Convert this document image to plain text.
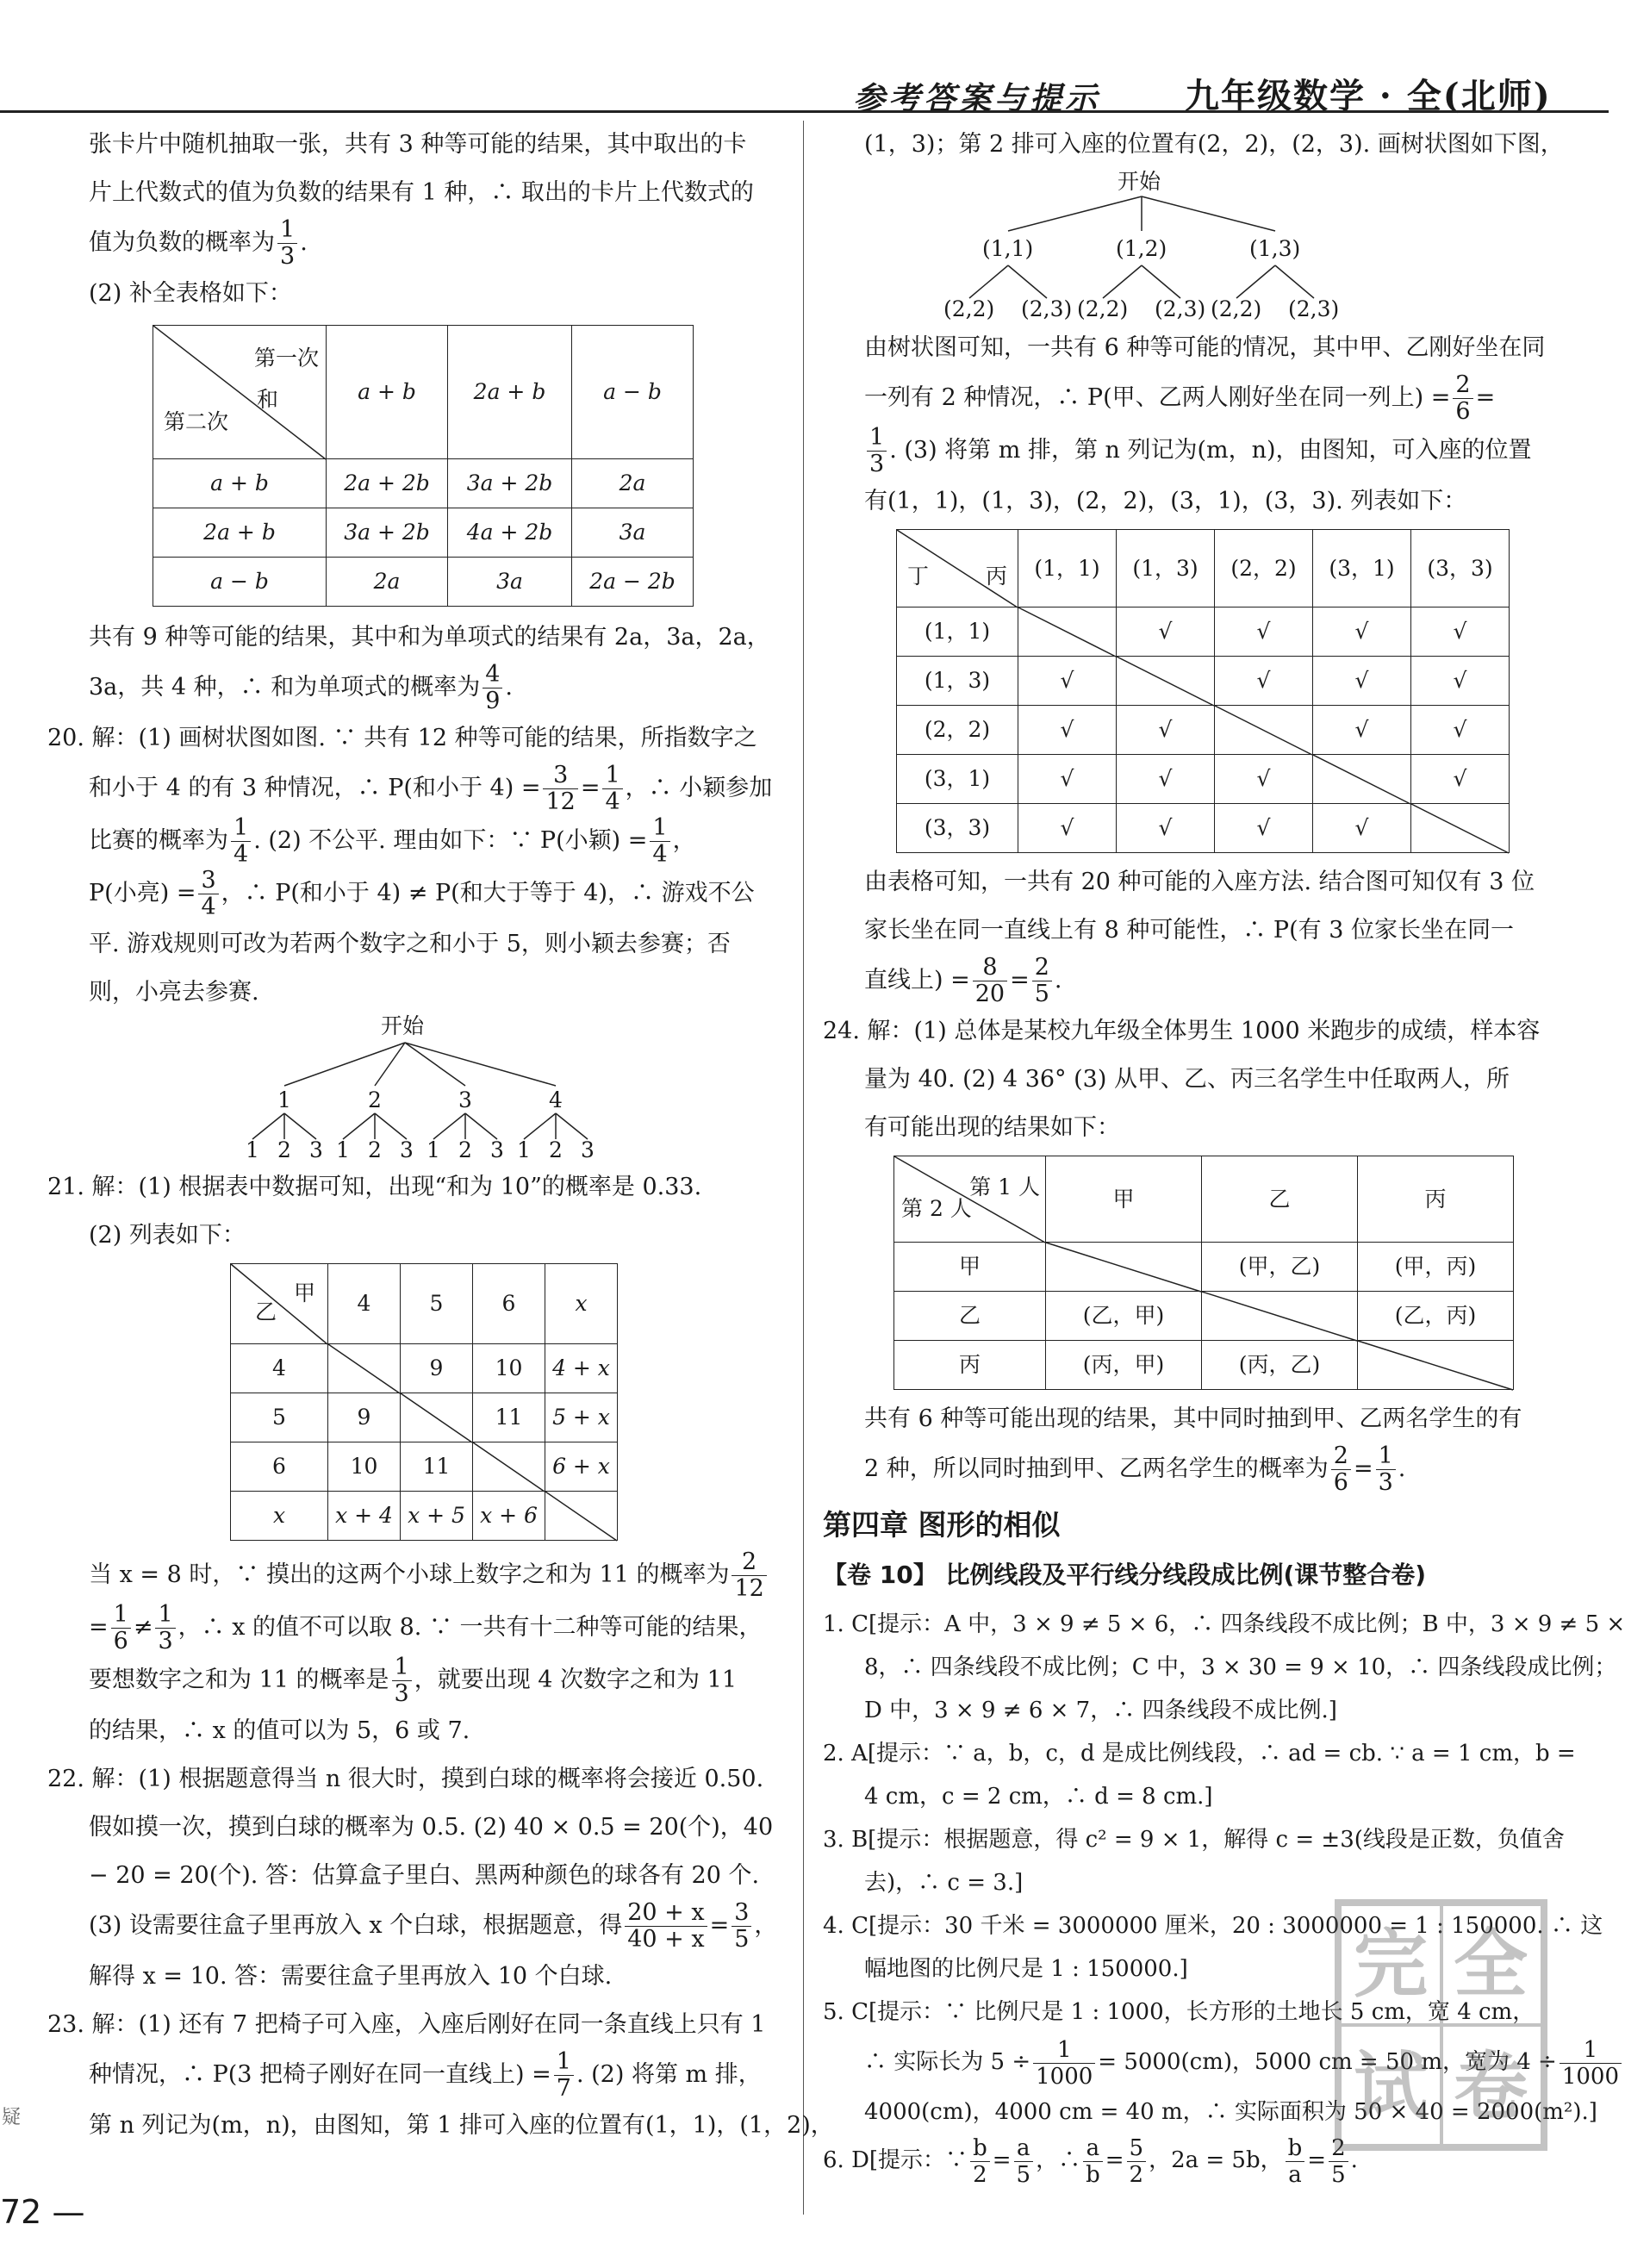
参考答案与提示 九年级数学 · 全(北师)
疑

张卡片中随机抽取一张，共有 3 种等可能的结果，其中取出的卡

片上代数式的值为负数的结果有 1 种，∴ 取出的卡片上代数式的

值为负数的概率为 $\frac{1}{3}$ .

(2) 补全表格如下：

第一次
和
第二次	a + b	2a + b	a − b
a + b	2a + 2b	3a + 2b	2a
2a + b	3a + 2b	4a + 2b	3a
a − b	2a	3a	2a − 2b

共有 9 种等可能的结果，其中和为单项式的结果有 2a，3a，2a，

3a，共 4 种，∴ 和为单项式的概率为 $\frac{4}{9}$ .

20. 解：(1) 画树状图如图. ∵ 共有 12 种等可能的结果，所指数字之

和小于 4 的有 3 种情况，∴ P(和小于 $4) = \frac{3}{12} = \frac{1}{4}$ ，∴ 小颖参加

比赛的概率为 $\frac{1}{4}$ . (2) 不公平. 理由如下：∵ P(小颖) = $\frac{1}{4}$ ，

P(小亮) = $\frac{3}{4}$ ，∴ P(和小于 4) ≠ P(和大于等于 4)，∴ 游戏不公

平. 游戏规则可改为若两个数字之和小于 5，则小颖去参赛；否

则，小亮去参赛.

开始
1	2	3	4
1 2 3 1 2 3 1 2 3 1 2 3

21. 解：(1) 根据表中数据可知，出现“和为 10”的概率是 0.33.

(2) 列表如下：

甲
乙	4	5	6	x
4		9	10	4 + x
5	9		11	5 + x
6	10	11		6 + x
x	x + 4	x + 5	x + 6	

当 x = 8 时，∵ 摸出的这两个小球上数字之和为 11 的概率为 $\frac{2}{12}$

= $\frac{1}{6} \ne \frac{1}{3}$ ，∴ x 的值不可以取 8. ∵ 一共有十二种等可能的结果，

要想数字之和为 11 的概率是 $\frac{1}{3}$ ，就要出现 4 次数字之和为 11

的结果，∴ x 的值可以为 5，6 或 7.

22. 解：(1) 根据题意得当 n 很大时，摸到白球的概率将会接近 0.50.

假如摸一次，摸到白球的概率为 0.5. (2) 40 × 0.5 = 20(个)，40

− 20 = 20(个). 答：估算盒子里白、黑两种颜色的球各有 20 个.

(3) 设需要往盒子里再放入 x 个白球，根据题意，得 $\frac{20 + x}{40 + x} = \frac{3}{5}$ ，

解得 x = 10. 答：需要往盒子里再放入 10 个白球.

23. 解：(1) 还有 7 把椅子可入座，入座后刚好在同一条直线上只有 1

种情况，∴ P(3 把椅子刚好在同一直线上) = $\frac{1}{7}$ . (2) 将第 m 排，

第 n 列记为(m，n)，由图知，第 1 排可入座的位置有(1，1)，(1，2)，

(1，3)；第 2 排可入座的位置有(2，2)，(2，3). 画树状图如下图，

开始
(1,1)	(1,2)	(1,3)
(2,2) (2,3) (2,2) (2,3) (2,2) (2,3)

由树状图可知，一共有 6 种等可能的情况，其中甲、乙刚好坐在同

一列有 2 种情况，∴ P(甲、乙两人刚好坐在同一列上) = $\frac{2}{6}$ =

$\frac{1}{3}$ . (3) 将第 m 排，第 n 列记为(m，n)，由图知，可入座的位置

有(1，1)，(1，3)，(2，2)，(3，1)，(3，3). 列表如下：

丁 丙	(1，1)	(1，3)	(2，2)	(3，1)	(3，3)
(1，1)		√	√	√	√
(1，3)	√		√	√	√
(2，2)	√	√		√	√
(3，1)	√	√	√		√
(3，3)	√	√	√	√	

由表格可知，一共有 20 种可能的入座方法. 结合图可知仅有 3 位

家长坐在同一直线上有 8 种可能性，∴ P(有 3 位家长坐在同一

直线上) = $\frac{8}{20} = \frac{2}{5}$ .

24. 解：(1) 总体是某校九年级全体男生 1000 米跑步的成绩，样本容

量为 40. (2) 4 36° (3) 从甲、乙、丙三名学生中任取两人，所

有可能出现的结果如下：

第 1 人
第 2 人	甲	乙	丙
甲		(甲，乙)	(甲，丙)
乙	(乙，甲)		(乙，丙)
丙	(丙，甲)	(丙，乙)	

共有 6 种等可能出现的结果，其中同时抽到甲、乙两名学生的有

2 种，所以同时抽到甲、乙两名学生的概率为 $\frac{2}{6} = \frac{1}{3}$ .

第四章 图形的相似

【卷 10】 比例线段及平行线分线段成比例(课节整合卷)

1. C[提示：A 中，3 × 9 ≠ 5 × 6，∴ 四条线段不成比例；B 中，3 × 9 ≠ 5 ×

8，∴ 四条线段不成比例；C 中，3 × 30 = 9 × 10，∴ 四条线段成比例；

D 中，3 × 9 ≠ 6 × 7，∴ 四条线段不成比例.]

2. A[提示：∵ a，b，c，d 是成比例线段，∴ ad = cb. ∵ a = 1 cm，b =

4 cm，c = 2 cm，∴ d = 8 cm.]

3. B[提示：根据题意，得 c² = 9 × 1，解得 c = ±3(线段是正数，负值舍

去)，∴ c = 3.]

4. C[提示：30 千米 = 3000000 厘米，20 : 3000000 = 1 : 150000. ∴ 这

幅地图的比例尺是 1 : 150000.]

5. C[提示：∵ 比例尺是 1 : 1000，长方形的土地长 5 cm，宽 4 cm，

∴ 实际长为 $5 \div \frac{1}{1000} = 5000(cm)$，5000 cm = 50 m，宽为 $4 \div \frac{1}{1000}$

4000(cm)，4000 cm = 40 m，∴ 实际面积为 50 × 40 = 2000(m²).]

6. D[提示：∵ $\frac{b}{2} = \frac{a}{5}$ ，∴ $\frac{a}{b} = \frac{5}{2}$ ，2a = 5b， $\frac{b}{a} = \frac{2}{5}$ .

完 全
试 卷
72 —
